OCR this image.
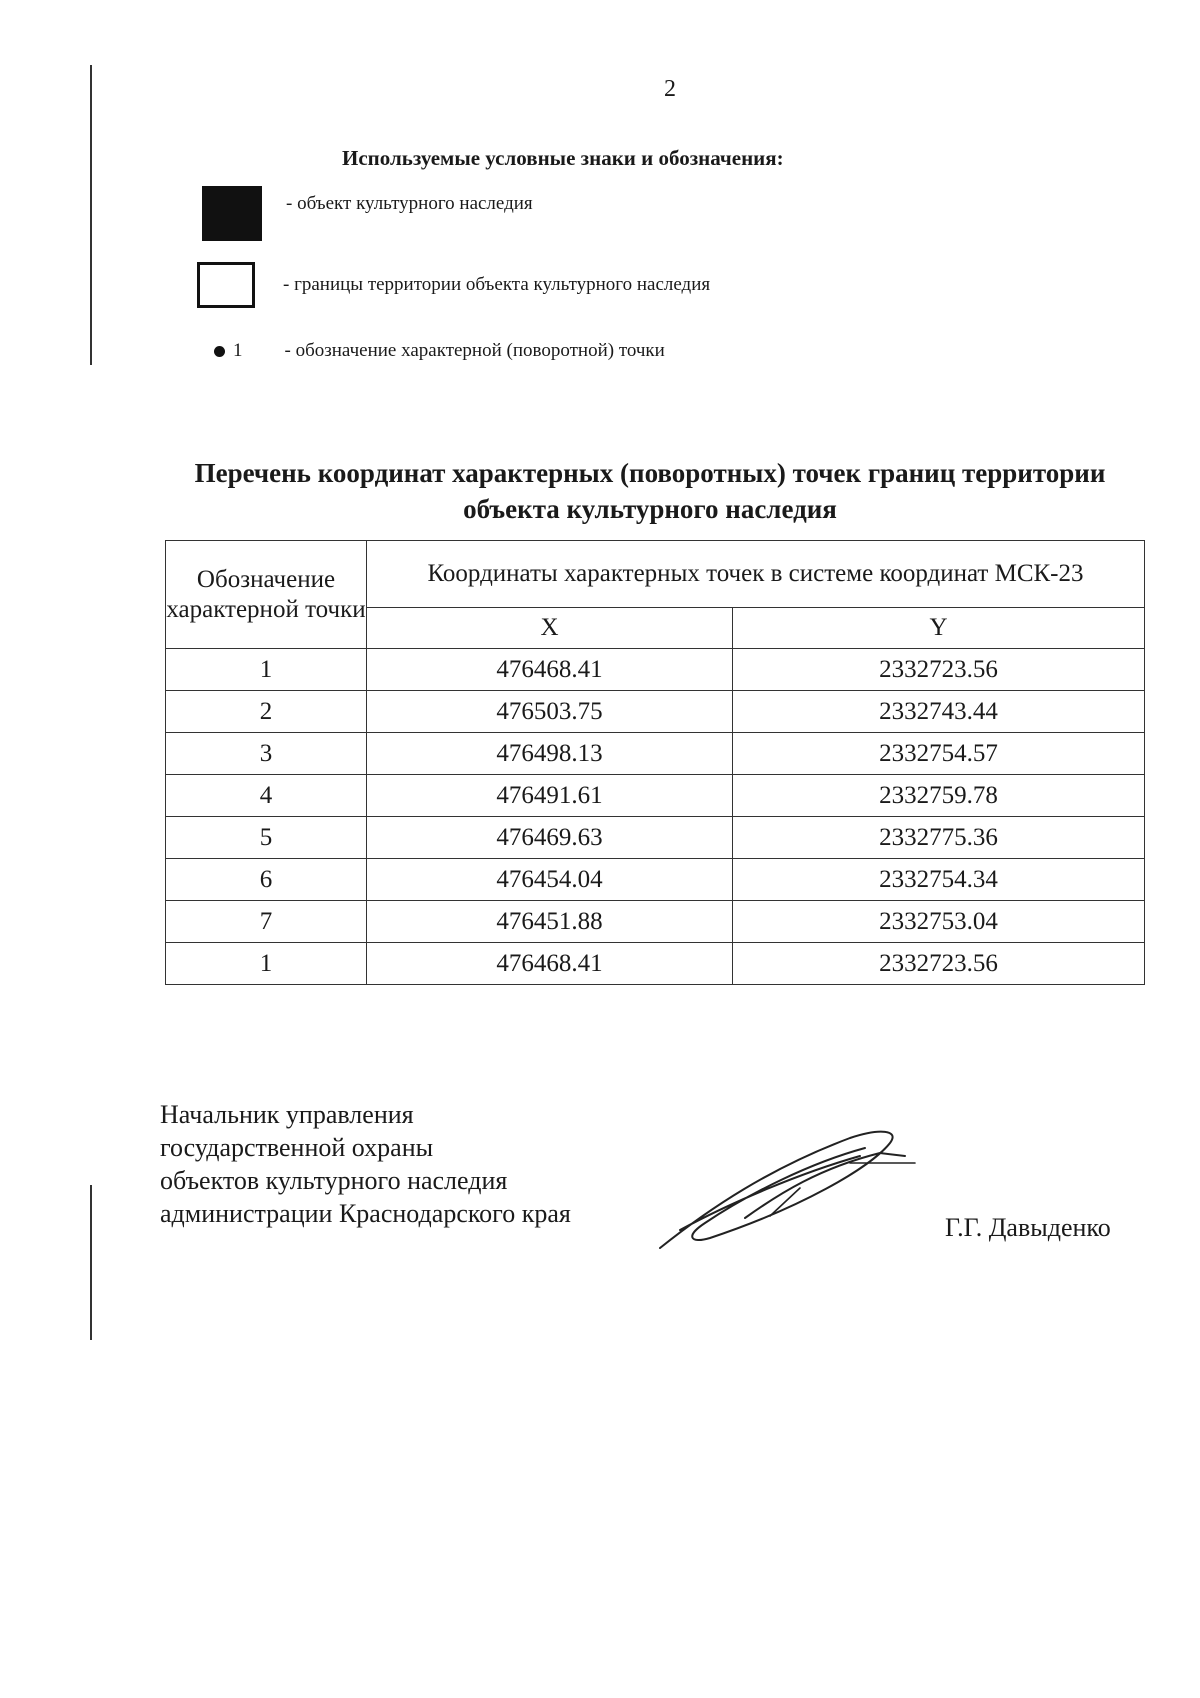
2
Используемые условные знаки и обозначения:
- объект культурного наследия
- границы территории объекта культурного наследия
1 - обозначение характерной (поворотной) точки
Перечень координат характерных (поворотных) точек границ территории объекта культурного наследия
Обозначение характерной точки	Координаты характерных точек в системе координат МСК-23	
	X	Y
1	476468.41	2332723.56
2	476503.75	2332743.44
3	476498.13	2332754.57
4	476491.61	2332759.78
5	476469.63	2332775.36
6	476454.04	2332754.34
7	476451.88	2332753.04
1	476468.41	2332723.56
Начальник управления
государственной охраны
объектов культурного наследия
администрации Краснодарского края	Г.Г. Давыденко
